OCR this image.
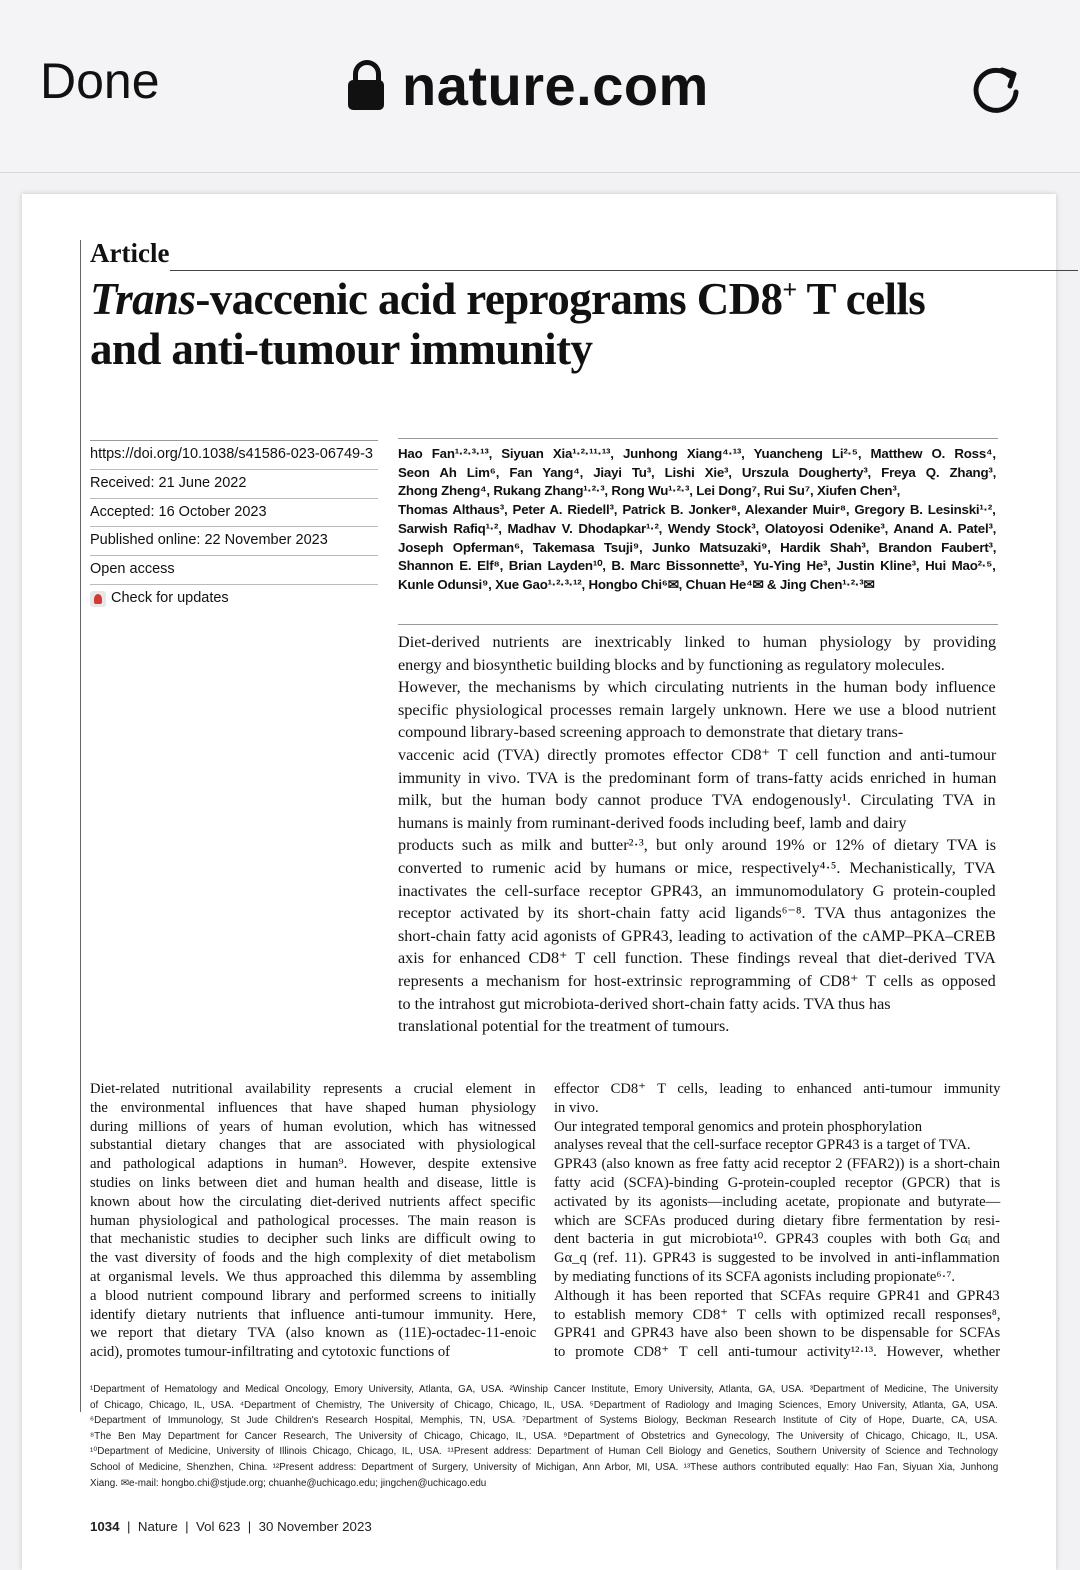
Done	nature.com
Article
Trans-vaccenic acid reprograms CD8+ T cells
and anti-tumour immunity
https://doi.org/10.1038/s41586-023-06749-3
Received: 21 June 2022
Accepted: 16 October 2023
Published online: 22 November 2023
Open access
Check for updates
Hao Fan¹·²·³·¹³, Siyuan Xia¹·²·¹¹·¹³, Junhong Xiang⁴·¹³, Yuancheng Li²·⁵, Matthew O. Ross⁴,
Seon Ah Lim⁶, Fan Yang⁴, Jiayi Tu³, Lishi Xie³, Urszula Dougherty³, Freya Q. Zhang³,
Zhong Zheng⁴, Rukang Zhang¹·²·³, Rong Wu¹·²·³, Lei Dong⁷, Rui Su⁷, Xiufen Chen³,
Thomas Althaus³, Peter A. Riedell³, Patrick B. Jonker⁸, Alexander Muir⁸, Gregory B. Lesinski¹·²,
Sarwish Rafiq¹·², Madhav V. Dhodapkar¹·², Wendy Stock³, Olatoyosi Odenike³, Anand A. Patel³,
Joseph Opferman⁶, Takemasa Tsuji⁹, Junko Matsuzaki⁹, Hardik Shah³, Brandon Faubert³,
Shannon E. Elf⁸, Brian Layden¹⁰, B. Marc Bissonnette³, Yu-Ying He³, Justin Kline³, Hui Mao²·⁵,
Kunle Odunsi⁹, Xue Gao¹·²·³·¹², Hongbo Chi⁶✉, Chuan He⁴✉ & Jing Chen¹·²·³✉
Diet-derived nutrients are inextricably linked to human physiology by providing
energy and biosynthetic building blocks and by functioning as regulatory molecules.
However, the mechanisms by which circulating nutrients in the human body influence
specific physiological processes remain largely unknown. Here we use a blood nutrient
compound library-based screening approach to demonstrate that dietary trans-
vaccenic acid (TVA) directly promotes effector CD8⁺ T cell function and anti-tumour
immunity in vivo. TVA is the predominant form of trans-fatty acids enriched in human
milk, but the human body cannot produce TVA endogenously¹. Circulating TVA in
humans is mainly from ruminant-derived foods including beef, lamb and dairy
products such as milk and butter²·³, but only around 19% or 12% of dietary TVA is
converted to rumenic acid by humans or mice, respectively⁴·⁵. Mechanistically, TVA
inactivates the cell-surface receptor GPR43, an immunomodulatory G protein-coupled
receptor activated by its short-chain fatty acid ligands⁶⁻⁸. TVA thus antagonizes the
short-chain fatty acid agonists of GPR43, leading to activation of the cAMP–PKA–CREB
axis for enhanced CD8⁺ T cell function. These findings reveal that diet-derived TVA
represents a mechanism for host-extrinsic reprogramming of CD8⁺ T cells as opposed
to the intrahost gut microbiota-derived short-chain fatty acids. TVA thus has
translational potential for the treatment of tumours.
Diet-related nutritional availability represents a crucial element in
the environmental influences that have shaped human physiology
during millions of years of human evolution, which has witnessed
substantial dietary changes that are associated with physiological
and pathological adaptions in human⁹. However, despite extensive
studies on links between diet and human health and disease, little is
known about how the circulating diet-derived nutrients affect specific
human physiological and pathological processes. The main reason is
that mechanistic studies to decipher such links are difficult owing to
the vast diversity of foods and the high complexity of diet metabolism
at organismal levels. We thus approached this dilemma by assembling
a blood nutrient compound library and performed screens to initially
identify dietary nutrients that influence anti-tumour immunity. Here,
we report that dietary TVA (also known as (11E)-octadec-11-enoic
acid), promotes tumour-infiltrating and cytotoxic functions of
effector CD8⁺ T cells, leading to enhanced anti-tumour immunity
in vivo.
Our integrated temporal genomics and protein phosphorylation
analyses reveal that the cell-surface receptor GPR43 is a target of TVA.
GPR43 (also known as free fatty acid receptor 2 (FFAR2)) is a short-chain
fatty acid (SCFA)-binding G-protein-coupled receptor (GPCR) that is
activated by its agonists—including acetate, propionate and butyrate—
which are SCFAs produced during dietary fibre fermentation by resi-
dent bacteria in gut microbiota¹⁰. GPR43 couples with both Gαᵢ and
Gα_q (ref. 11). GPR43 is suggested to be involved in anti-inflammation
by mediating functions of its SCFA agonists including propionate⁶·⁷.
Although it has been reported that SCFAs require GPR41 and GPR43
to establish memory CD8⁺ T cells with optimized recall responses⁸,
GPR41 and GPR43 have also been shown to be dispensable for SCFAs
to promote CD8⁺ T cell anti-tumour activity¹²·¹³. However, whether
¹Department of Hematology and Medical Oncology, Emory University, Atlanta, GA, USA. ²Winship Cancer Institute, Emory University, Atlanta, GA, USA. ³Department of Medicine, The University
of Chicago, Chicago, IL, USA. ⁴Department of Chemistry, The University of Chicago, Chicago, IL, USA. ⁵Department of Radiology and Imaging Sciences, Emory University, Atlanta, GA, USA.
⁶Department of Immunology, St Jude Children's Research Hospital, Memphis, TN, USA. ⁷Department of Systems Biology, Beckman Research Institute of City of Hope, Duarte, CA, USA.
⁸The Ben May Department for Cancer Research, The University of Chicago, Chicago, IL, USA. ⁹Department of Obstetrics and Gynecology, The University of Chicago, Chicago, IL, USA.
¹⁰Department of Medicine, University of Illinois Chicago, Chicago, IL, USA. ¹¹Present address: Department of Human Cell Biology and Genetics, Southern University of Science and Technology
School of Medicine, Shenzhen, China. ¹²Present address: Department of Surgery, University of Michigan, Ann Arbor, MI, USA. ¹³These authors contributed equally: Hao Fan, Siyuan Xia, Junhong
Xiang. ✉e-mail: hongbo.chi@stjude.org; chuanhe@uchicago.edu; jingchen@uchicago.edu
1034  |  Nature  |  Vol 623  |  30 November 2023
